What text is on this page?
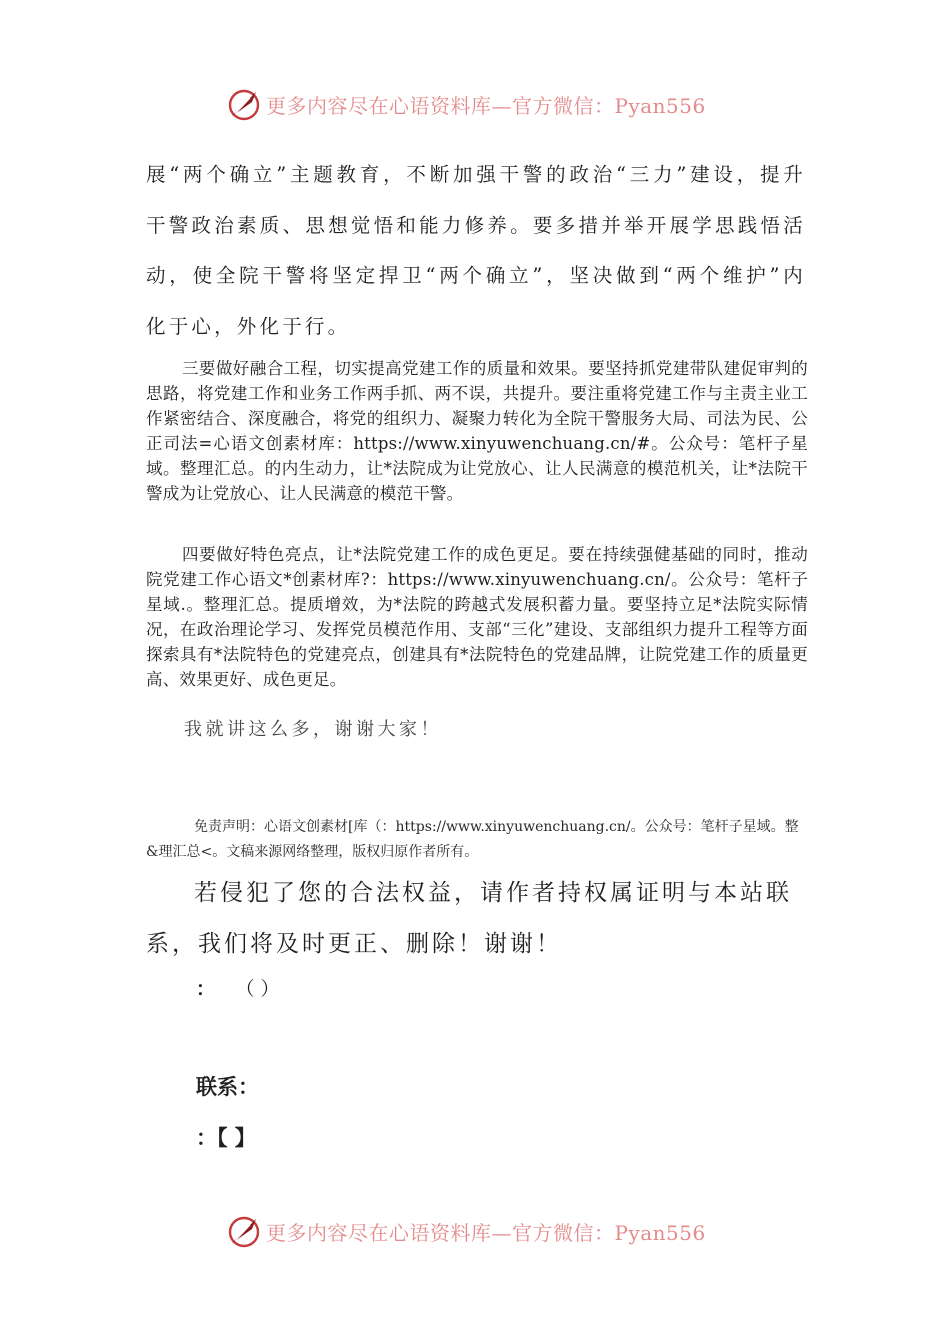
更多内容尽在心语资料库—官方微信：Pyan556

展“两个确立”主题教育，不断加强干警的政治“三力”建设，提升干警政治素质、思想觉悟和能力修养。要多措并举开展学思践悟活动，使全院干警将坚定捍卫“两个确立”，坚决做到“两个维护”内化于心，外化于行。

三要做好融合工程，切实提高党建工作的质量和效果。要坚持抓党建带队建促审判的思路，将党建工作和业务工作两手抓、两不误，共提升。要注重将党建工作与主责主业工作紧密结合、深度融合，将党的组织力、凝聚力转化为全院干警服务大局、司法为民、公正司法=心语文创素材库：https://www.xinyuwenchuang.cn/#。公众号：笔杆子星域。整理汇总。的内生动力，让*法院成为让党放心、让人民满意的模范机关，让*法院干警成为让党放心、让人民满意的模范干警。

四要做好特色亮点，让*法院党建工作的成色更足。要在持续强健基础的同时，推动院党建工作心语文*创素材库?：https://www.xinyuwenchuang.cn/。公众号：笔杆子星域.。整理汇总。提质增效，为*法院的跨越式发展积蓄力量。要坚持立足*法院实际情况，在政治理论学习、发挥党员模范作用、支部“三化”建设、支部组织力提升工程等方面探索具有*法院特色的党建亮点，创建具有*法院特色的党建品牌，让院党建工作的质量更高、效果更好、成色更足。

我就讲这么多，谢谢大家！

免责声明：心语文创素材[库（：https://www.xinyuwenchuang.cn/。公众号：笔杆子星域。整&理汇总<。文稿来源网络整理，版权归原作者所有。

若侵犯了您的合法权益，请作者持权属证明与本站联系，我们将及时更正、删除！谢谢！

： （ ）

联系：

：【 】

更多内容尽在心语资料库—官方微信：Pyan556
